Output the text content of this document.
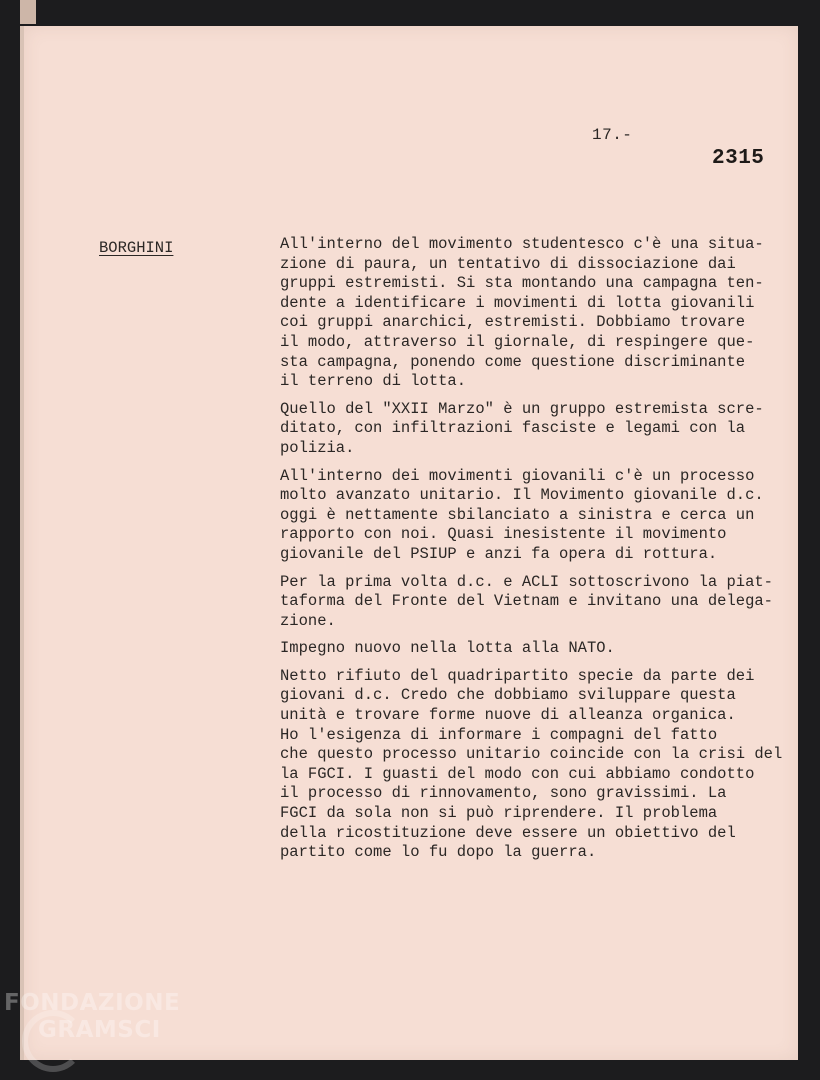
17.-
2315
BORGHINI	All'interno del movimento studentesco c'è una situa-
zione di paura, un tentativo di dissociazione dai
gruppi estremisti. Si sta montando una campagna ten-
dente a identificare i movimenti di lotta giovanili
coi gruppi anarchici, estremisti. Dobbiamo trovare
il modo, attraverso il giornale, di respingere que-
sta campagna, ponendo come questione discriminante
il terreno di lotta.
Quello del "XXII Marzo" è un gruppo estremista scre-
ditato, con infiltrazioni fasciste e legami con la
polizia.
All'interno dei movimenti giovanili c'è un processo
molto avanzato unitario. Il Movimento giovanile d.c.
oggi è nettamente sbilanciato a sinistra e cerca un
rapporto con noi. Quasi inesistente il movimento
giovanile del PSIUP e anzi fa opera di rottura.
Per la prima volta d.c. e ACLI sottoscrivono la piat-
taforma del Fronte del Vietnam e invitano una delega-
zione.
Impegno nuovo nella lotta alla NATO.
Netto rifiuto del quadripartito specie da parte dei
giovani d.c. Credo che dobbiamo sviluppare questa
unità e trovare forme nuove di alleanza organica.
Ho l'esigenza di informare i compagni del fatto
che questo processo unitario coincide con la crisi del
la FGCI. I guasti del modo con cui abbiamo condotto
il processo di rinnovamento, sono gravissimi. La
FGCI da sola non si può riprendere. Il problema
della ricostituzione deve essere un obiettivo del
partito come lo fu dopo la guerra.
FONDAZIONE
GRAMSCI
